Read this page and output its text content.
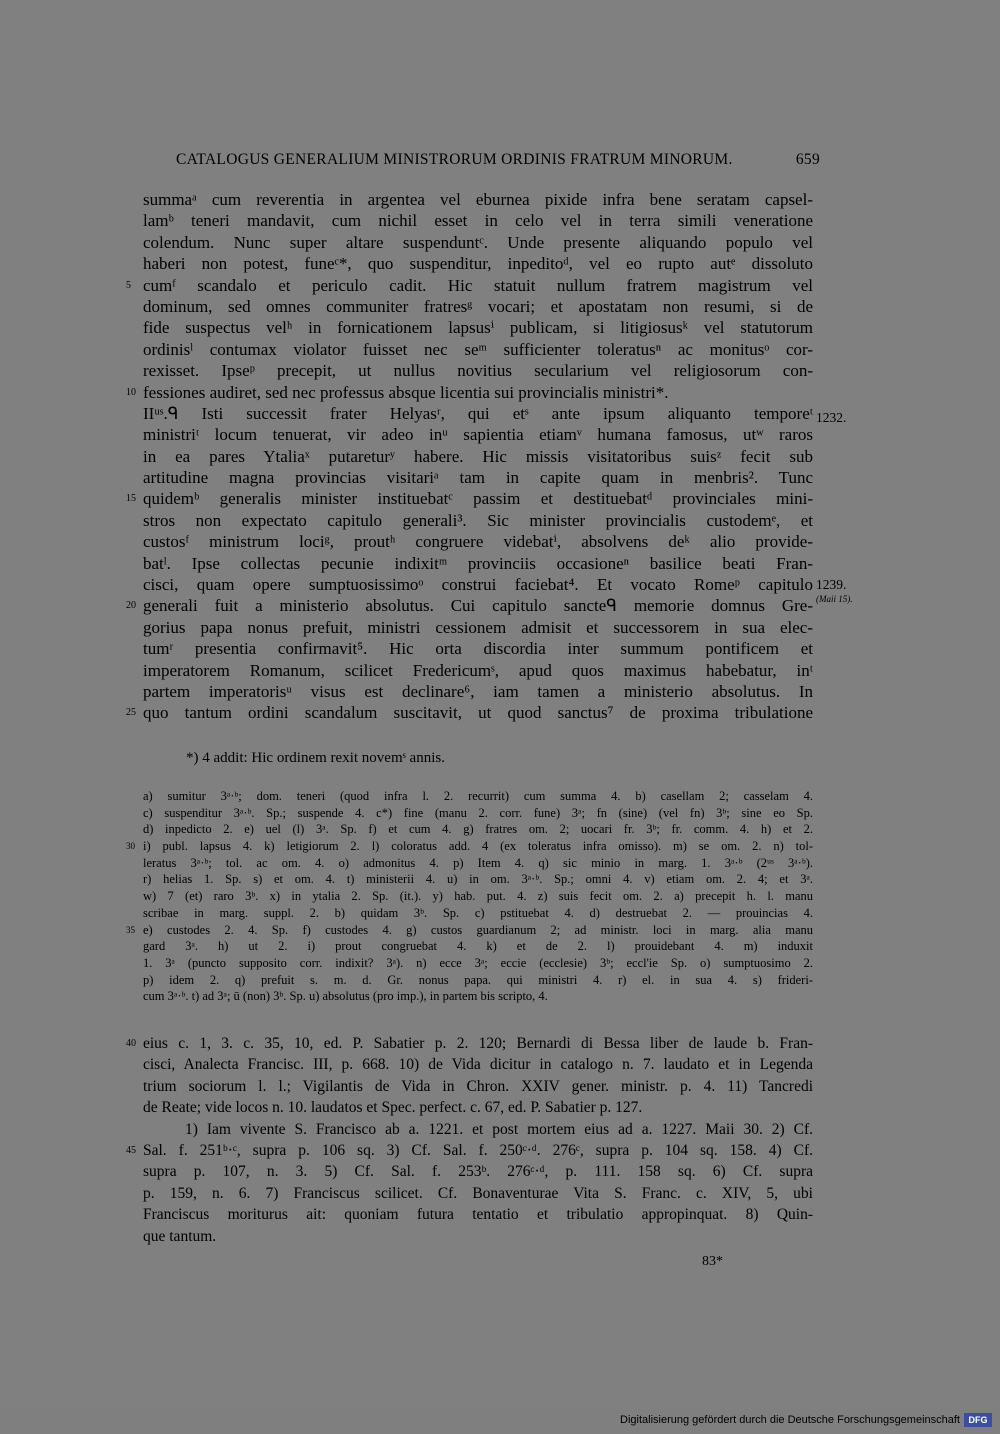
CATALOGUS GENERALIUM MINISTRORUM ORDINIS FRATRUM MINORUM.	659
summaᵃ cum reverentia in argentea vel eburnea pixide infra bene seratam capsel-
lamᵇ teneri mandavit, cum nichil esset in celo vel in terra simili veneratione
colendum. Nunc super altare suspenduntᶜ. Unde presente aliquando populo vel
haberi non potest, funeᶜ*, quo suspenditur, inpeditoᵈ, vel eo rupto autᵉ dissoluto
5 cumᶠ scandalo et periculo cadit. Hic statuit nullum fratrem magistrum vel
dominum, sed omnes communiter fratresᵍ vocari; et apostatam non resumi, si de
fide suspectus velʰ in fornicationem lapsusⁱ publicam, si litigiosusᵏ vel statutorum
ordinisˡ contumax violator fuisset nec seᵐ sufficienter toleratusⁿ ac monitusᵒ cor-
rexisset. Ipseᵖ precepit, ut nullus novitius secularium vel religiosorum con-
10 fessiones audiret, sed nec professus absque licentia sui provincialis ministri*.
IIᵘˢ.ᑫ Isti successit frater Helyasʳ, qui etˢ ante ipsum aliquanto temporeᵗ
ministriᵗ locum tenuerat, vir adeo inᵘ sapientia etiamᵛ humana famosus, utʷ raros
in ea pares Ytaliaˣ putareturʸ habere. Hic missis visitatoribus suisᶻ fecit sub
artitudine magna provincias visitariᵃ tam in capite quam in menbris². Tunc
15 quidemᵇ generalis minister instituebatᶜ passim et destituebatᵈ provinciales mini-
stros non expectato capitulo generali³. Sic minister provincialis custodemᵉ, et
custosᶠ ministrum lociᵍ, proutʰ congruere videbatⁱ, absolvens deᵏ alio provide-
batˡ. Ipse collectas pecunie indixitᵐ provinciis occasioneⁿ basilice beati Fran-
cisci, quam opere sumptuosissimoᵒ construi faciebat⁴. Et vocato Romeᵖ capitulo
20 generali fuit a ministerio absolutus. Cui capitulo sancteᑫ memorie domnus Gre-
gorius papa nonus prefuit, ministri cessionem admisit et successorem in sua elec-
tumʳ presentia confirmavit⁵. Hic orta discordia inter summum pontificem et
imperatorem Romanum, scilicet Fredericumˢ, apud quos maximus habebatur, inᵗ
partem imperatorisᵘ visus est declinare⁶, iam tamen a ministerio absolutus. In
25 quo tantum ordini scandalum suscitavit, ut quod sanctus⁷ de proxima tribulatione
1232.
1239.
(Maii 15).
*) 4 addit: Hic ordinem rexit novemˢ annis.
a) sumitur 3ᵃ·ᵇ; dom. teneri (quod infra l. 2. recurrit) cum summa 4. b) casellam 2; casselam 4.
c) suspenditur 3ᵃ·ᵇ. Sp.; suspende 4. c*) fine (manu 2. corr. fune) 3ᵃ; fn (sine) (vel fn) 3ᵇ; sine eo Sp.
d) inpedicto 2. e) uel (l) 3ᵃ. Sp. f) et cum 4. g) fratres om. 2; uocari fr. 3ᵇ; fr. comm. 4. h) et 2.
30 i) publ. lapsus 4. k) letigiorum 2. l) coloratus add. 4 (ex toleratus infra omisso). m) se om. 2. n) tol-
leratus 3ᵃ·ᵇ; tol. ac om. 4. o) admonitus 4. p) Item 4. q) sic minio in marg. 1. 3ᵃ·ᵇ (2ᵘˢ 3ᵃ·ᵇ).
r) helias 1. Sp. s) et om. 4. t) ministerii 4. u) in om. 3ᵃ·ᵇ. Sp.; omni 4. v) etiam om. 2. 4; et 3ᵃ.
w) 7 (et) raro 3ᵇ. x) in ytalia 2. Sp. (it.). y) hab. put. 4. z) suis fecit om. 2. a) precepit h. l. manu
scribae in marg. suppl. 2. b) quidam 3ᵇ. Sp. c) pstituebat 4. d) destruebat 2. — prouincias 4.
35 e) custodes 2. 4. Sp. f) custodes 4. g) custos guardianum 2; ad ministr. loci in marg. alia manu
gard 3ᵃ. h) ut 2. i) prout congruebat 4. k) et de 2. l) prouidebant 4. m) induxit
1. 3ᵃ (puncto supposito corr. indixit? 3ᵃ). n) ecce 3ᵃ; eccie (ecclesie) 3ᵇ; eccl'ie Sp. o) sumptuosimo 2.
p) idem 2. q) prefuit s. m. d. Gr. nonus papa. qui ministri 4. r) el. in sua 4. s) frideri-
cum 3ᵃ·ᵇ. t) ad 3ᵃ; ū (non) 3ᵇ. Sp. u) absolutus (pro imp.), in partem bis scripto, 4.
40 eius c. 1, 3. c. 35, 10, ed. P. Sabatier p. 2. 120; Bernardi di Bessa liber de laude b. Fran-
cisci, Analecta Francisc. III, p. 668. 10) de Vida dicitur in catalogo n. 7. laudato et in Legenda
trium sociorum l. l.; Vigilantis de Vida in Chron. XXIV gener. ministr. p. 4. 11) Tancredi
de Reate; vide locos n. 10. laudatos et Spec. perfect. c. 67, ed. P. Sabatier p. 127.
1) Iam vivente S. Francisco ab a. 1221. et post mortem eius ad a. 1227. Maii 30. 2) Cf.
45 Sal. f. 251ᵇ·ᶜ, supra p. 106 sq. 3) Cf. Sal. f. 250ᶜ·ᵈ. 276ᶜ, supra p. 104 sq. 158. 4) Cf.
supra p. 107, n. 3. 5) Cf. Sal. f. 253ᵇ. 276ᶜ·ᵈ, p. 111. 158 sq. 6) Cf. supra
p. 159, n. 6. 7) Franciscus scilicet. Cf. Bonaventurae Vita S. Franc. c. XIV, 5, ubi
Franciscus moriturus ait: quoniam futura tentatio et tribulatio appropinquat. 8) Quin-
que tantum.
83*
Digitalisierung gefördert durch die Deutsche Forschungsgemeinschaft DFG
